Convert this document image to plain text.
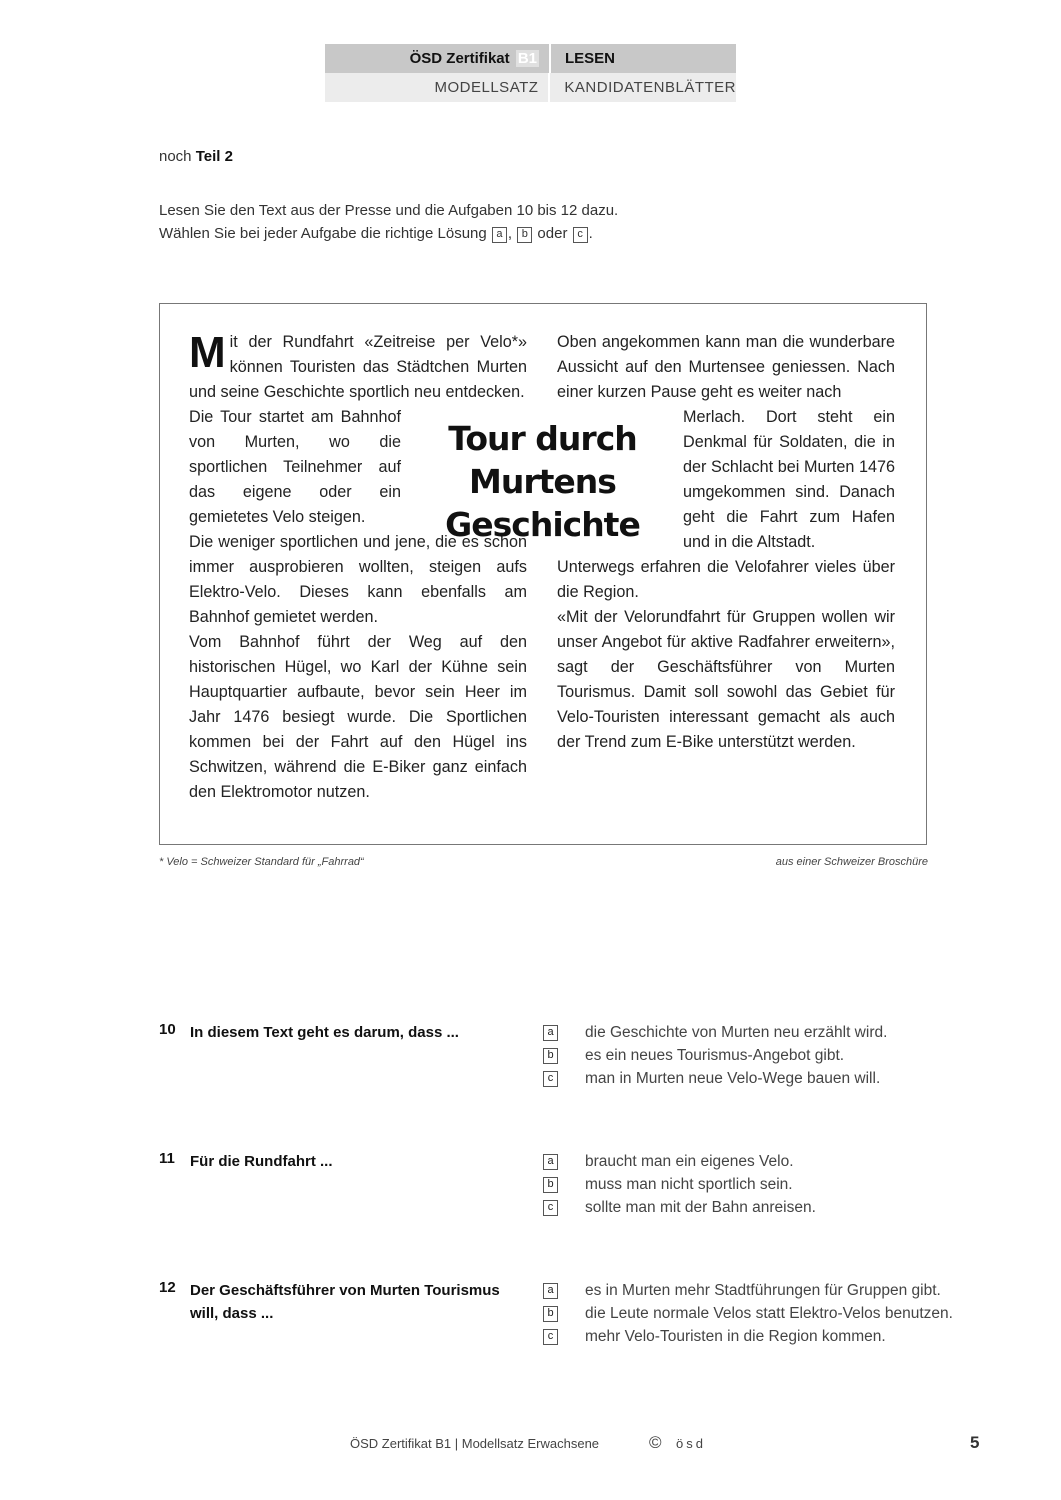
ÖSD Zertifikat B1	LESEN
MODELLSATZ	KANDIDATENBLÄTTER
noch Teil 2
Lesen Sie den Text aus der Presse und die Aufgaben 10 bis 12 dazu.
Wählen Sie bei jeder Aufgabe die richtige Lösung a , b oder c .

Mit der Rundfahrt «Zeitreise per Velo*» können Touristen das Städtchen Murten und seine Geschichte sportlich neu entdecken.

Die Tour startet am Bahnhof von Murten, wo die sportlichen Teilnehmer auf das eigene oder ein gemietetes Velo steigen.

Die weniger sportlichen und jene, die es schon immer ausprobieren wollten, steigen aufs Elektro-Velo. Dieses kann ebenfalls am Bahnhof gemietet werden.

Vom Bahnhof führt der Weg auf den historischen Hügel, wo Karl der Kühne sein Hauptquartier aufbaute, bevor sein Heer im Jahr 1476 besiegt wurde. Die Sportlichen kommen bei der Fahrt auf den Hügel ins Schwitzen, während die E-Biker ganz einfach den Elektromotor nutzen.

Tour durch
Murtens
Geschichte

Oben angekommen kann man die wunderbare Aussicht auf den Murtensee geniessen. Nach einer kurzen Pause geht es weiter nach

Merlach. Dort steht ein Denkmal für Soldaten, die in der Schlacht bei Murten 1476 umgekommen sind. Danach geht die Fahrt zum Hafen und in die Altstadt.

Unterwegs erfahren die Velofahrer vieles über die Region.

«Mit der Velorundfahrt für Gruppen wollen wir unser Angebot für aktive Radfahrer erweitern», sagt der Geschäftsführer von Murten Tourismus. Damit soll sowohl das Gebiet für Velo-Touristen interessant gemacht als auch der Trend zum E-Bike unterstützt werden.

* Velo = Schweizer Standard für „Fahrrad“	aus einer Schweizer Broschüre
10 In diesem Text geht es darum, dass ...	a die Geschichte von Murten neu erzählt wird.
b es ein neues Tourismus-Angebot gibt.
c	man in Murten neue Velo-Wege bauen will.
11 Für die Rundfahrt ...	a braucht man ein eigenes Velo.
b muss man nicht sportlich sein.
c	sollte man mit der Bahn anreisen.
12 Der Geschäftsführer von Murten Tourismus will, dass ...
a es in Murten mehr Stadtführungen für Gruppen gibt.
b die Leute normale Velos statt Elektro-Velos benutzen.
c	mehr Velo-Touristen in die Region kommen.
ÖSD Zertifikat B1 | Modellsatz Erwachsene	© ösd	5
